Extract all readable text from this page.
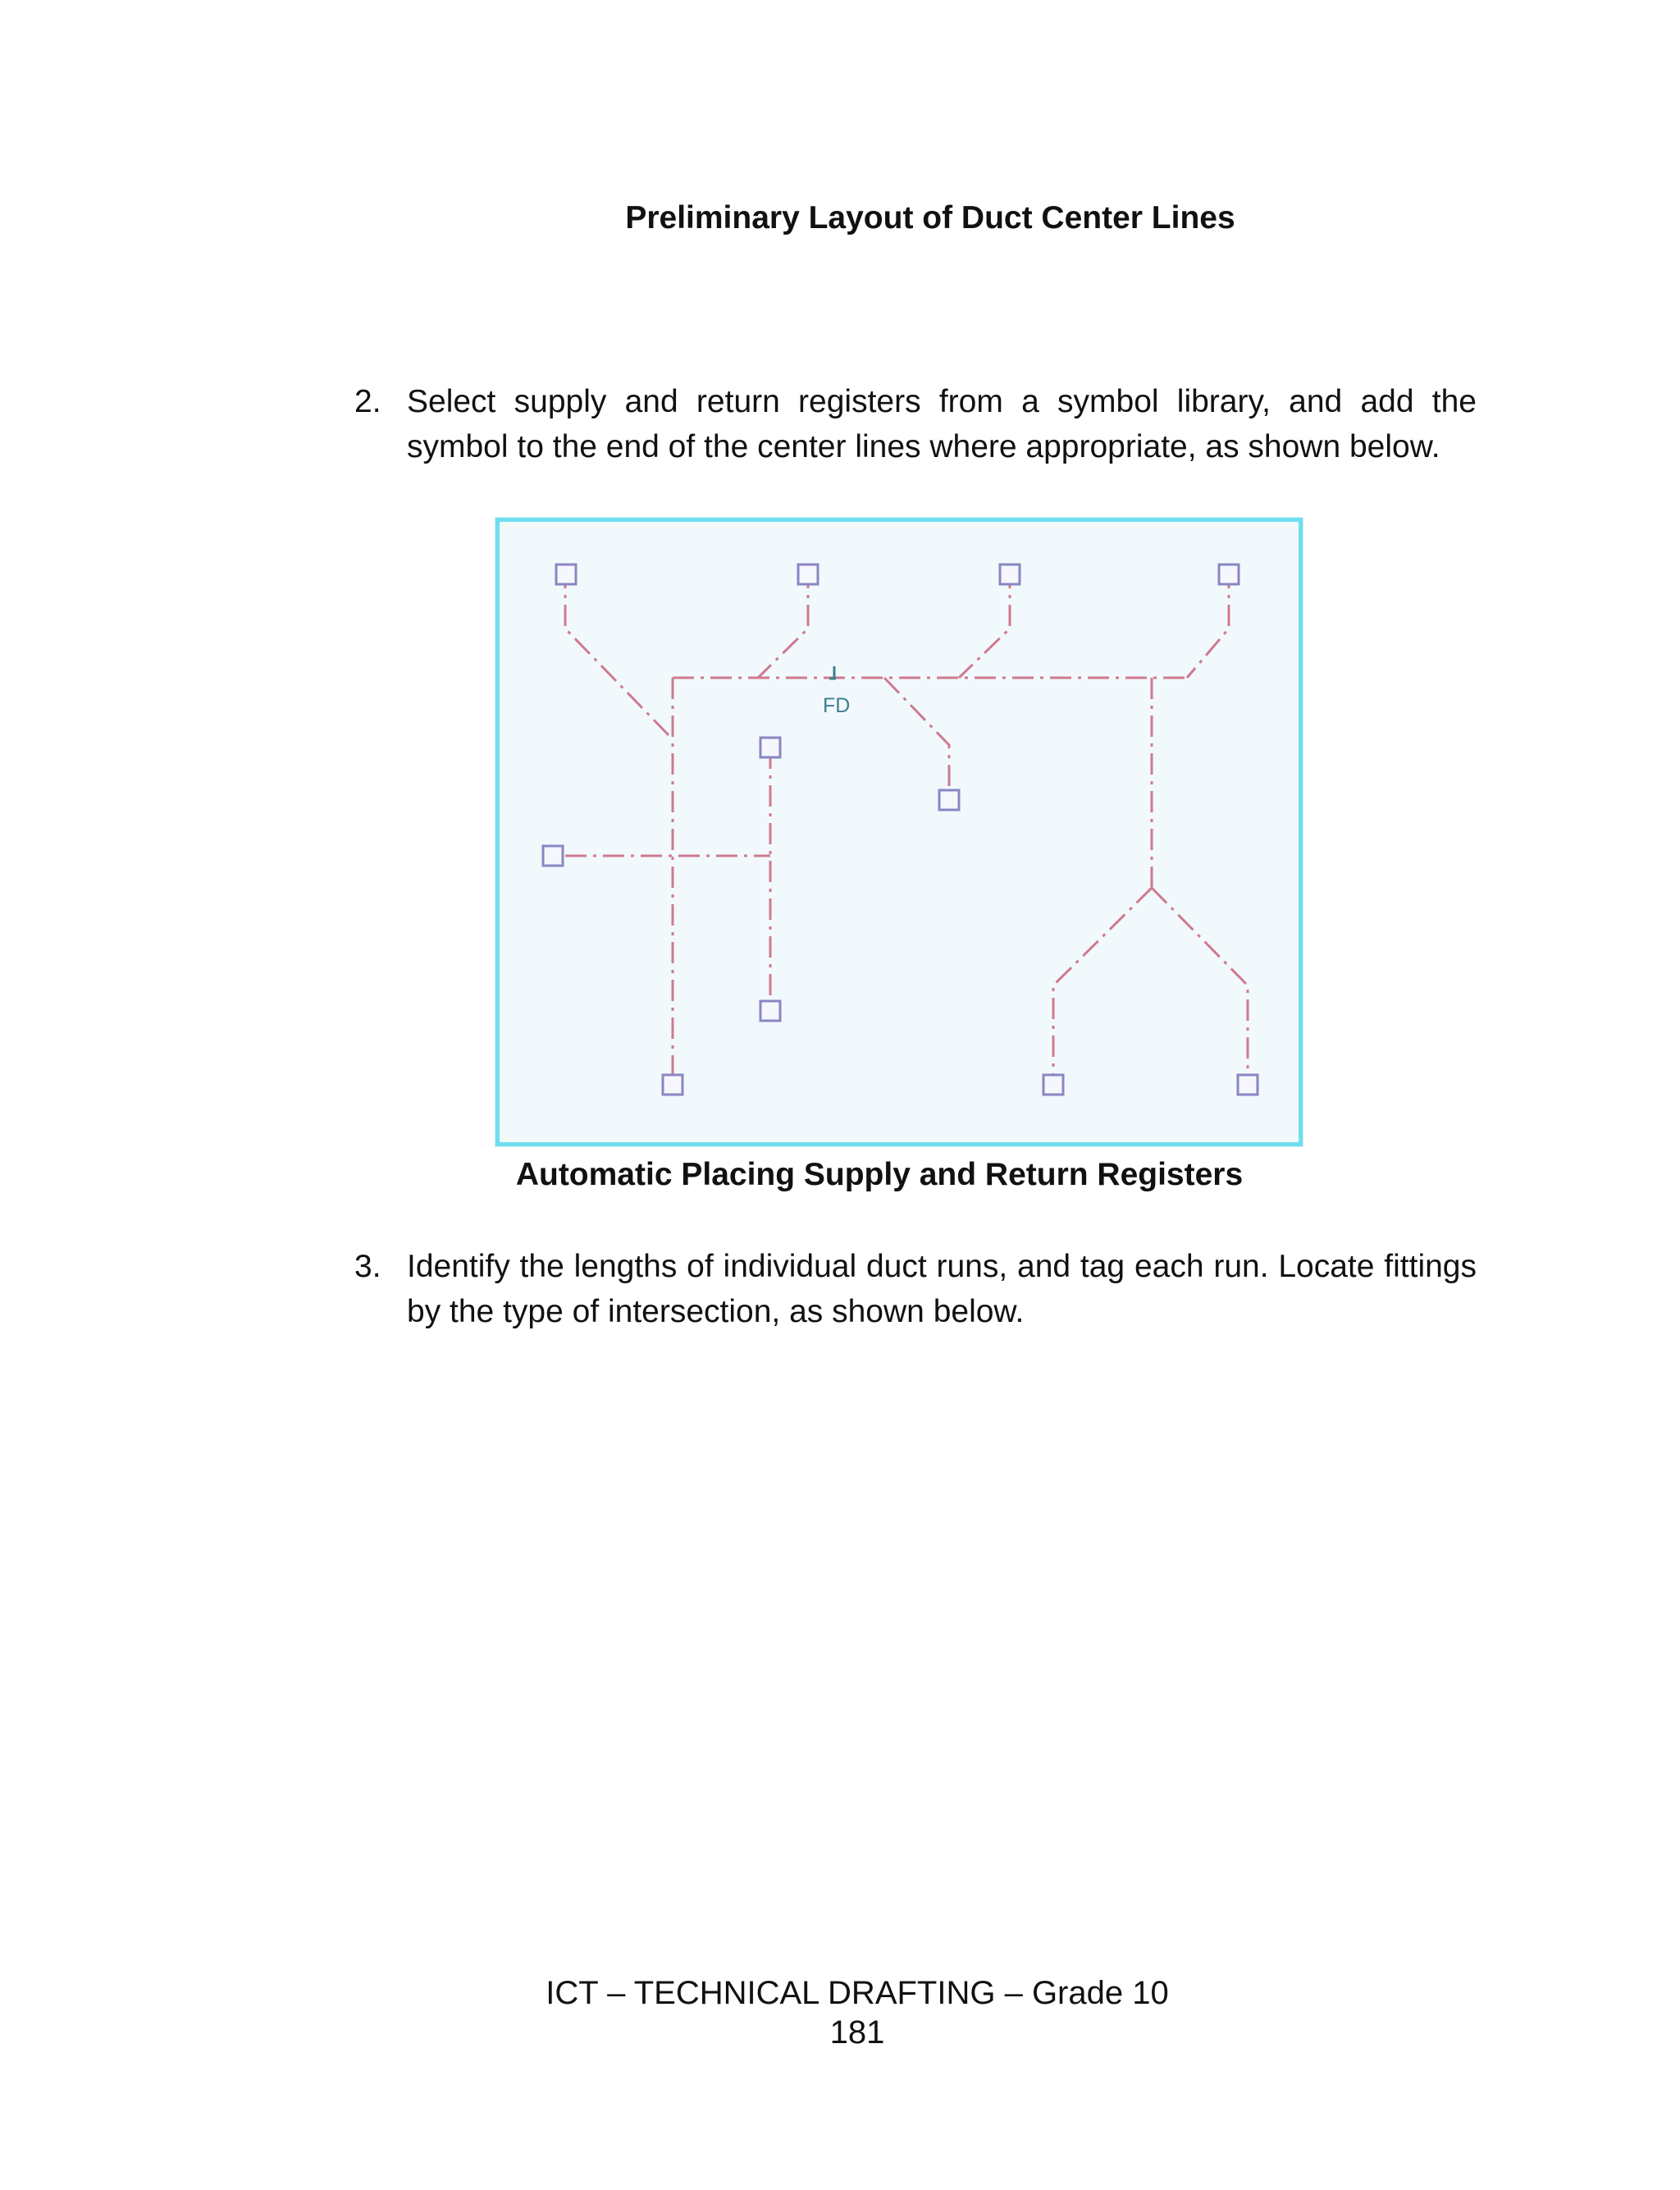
Preliminary Layout of Duct Center Lines
2. Select supply and return registers from a symbol library, and add the symbol to the end of the center lines where appropriate, as shown below.
FD
Automatic Placing Supply and Return Registers
3. Identify the lengths of individual duct runs, and tag each run. Locate fittings by the type of intersection, as shown below.
ICT – TECHNICAL DRAFTING – Grade 10
181
